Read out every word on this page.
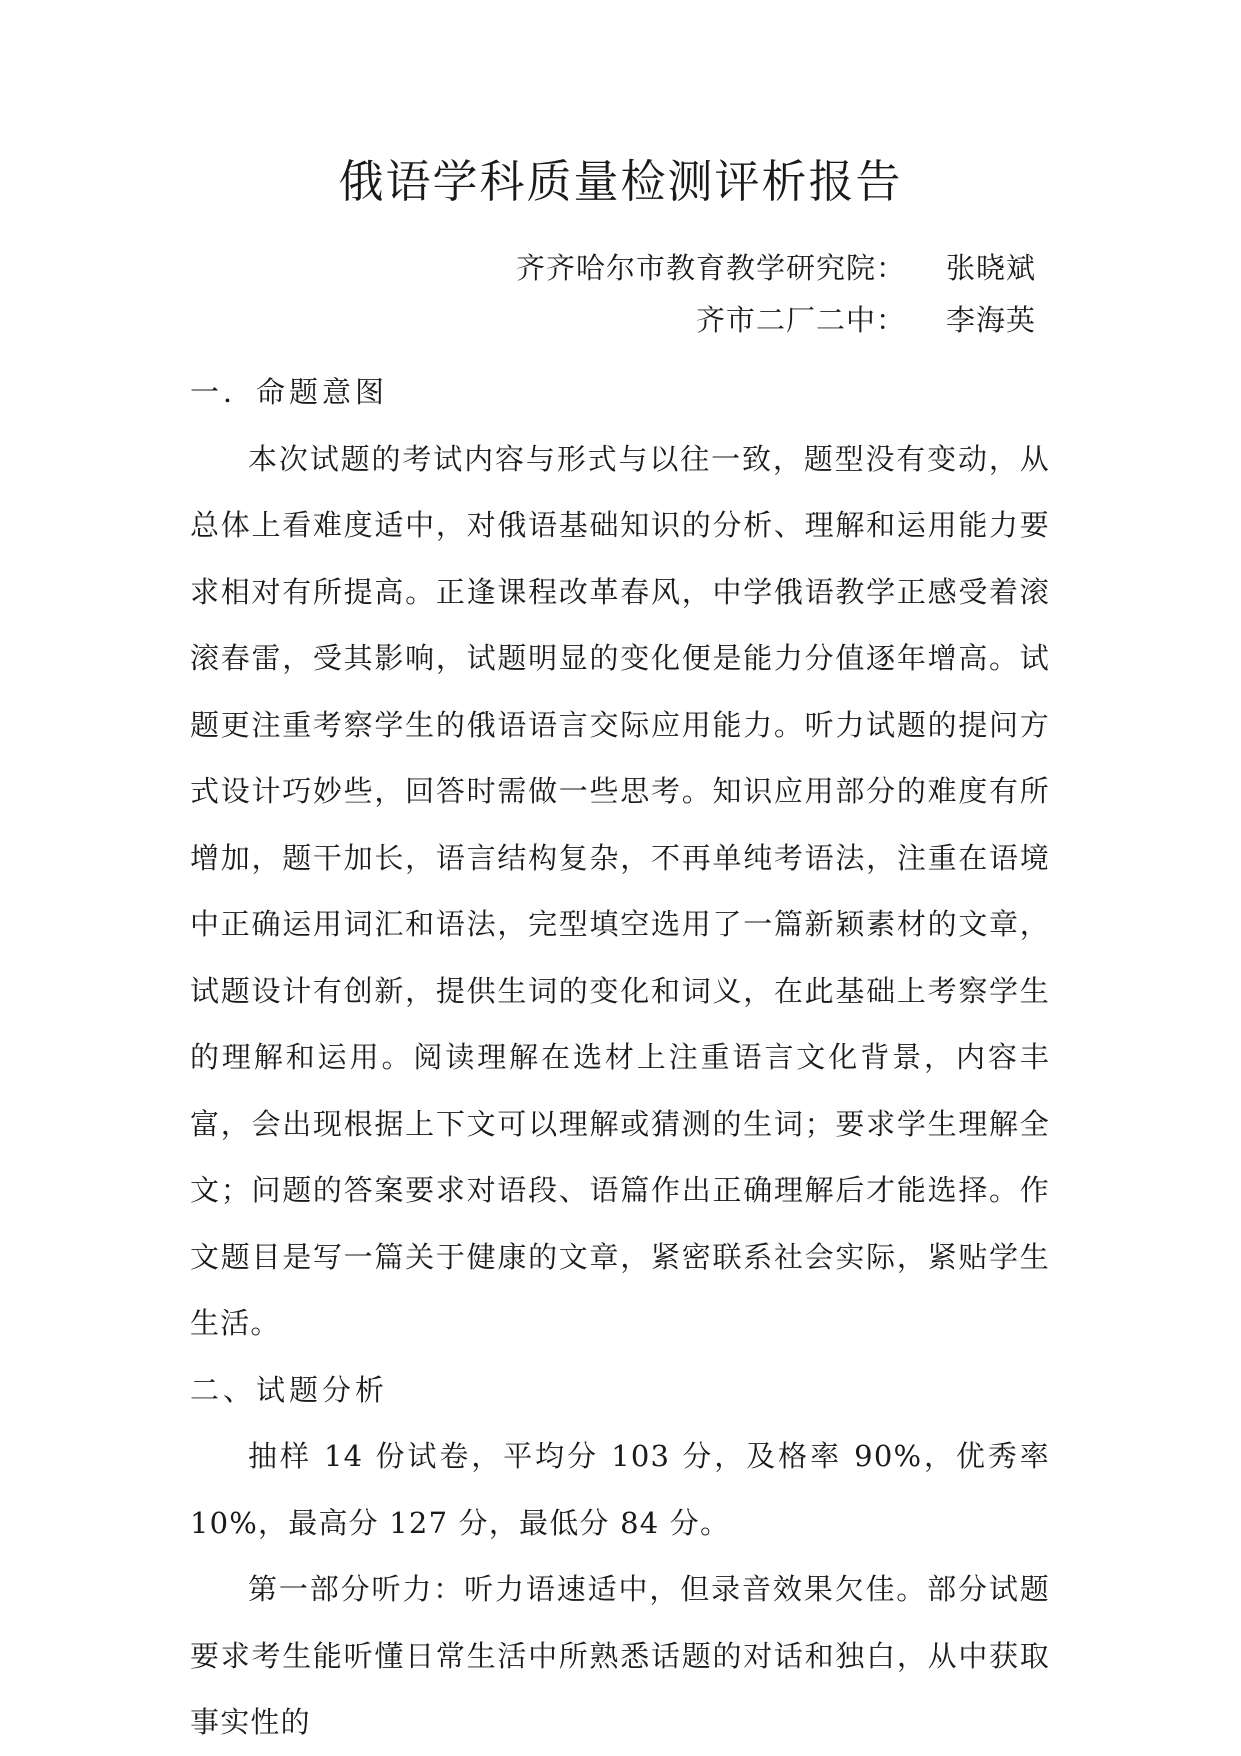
俄语学科质量检测评析报告
齐齐哈尔市教育教学研究院： 张晓斌
齐市二厂二中： 李海英
一．命题意图

本次试题的考试内容与形式与以往一致，题型没有变动，从总体上看难度适中，对俄语基础知识的分析、理解和运用能力要求相对有所提高。正逢课程改革春风，中学俄语教学正感受着滚滚春雷，受其影响，试题明显的变化便是能力分值逐年增高。试题更注重考察学生的俄语语言交际应用能力。听力试题的提问方式设计巧妙些，回答时需做一些思考。知识应用部分的难度有所增加，题干加长，语言结构复杂，不再单纯考语法，注重在语境中正确运用词汇和语法，完型填空选用了一篇新颖素材的文章，试题设计有创新，提供生词的变化和词义，在此基础上考察学生的理解和运用。阅读理解在选材上注重语言文化背景，内容丰富，会出现根据上下文可以理解或猜测的生词；要求学生理解全文；问题的答案要求对语段、语篇作出正确理解后才能选择。作文题目是写一篇关于健康的文章，紧密联系社会实际，紧贴学生生活。

二、试题分析

抽样 14 份试卷，平均分 103 分，及格率 90%，优秀率 10%，最高分 127 分，最低分 84 分。

第一部分听力：听力语速适中，但录音效果欠佳。部分试题要求考生能听懂日常生活中所熟悉话题的对话和独白，从中获取事实性的
